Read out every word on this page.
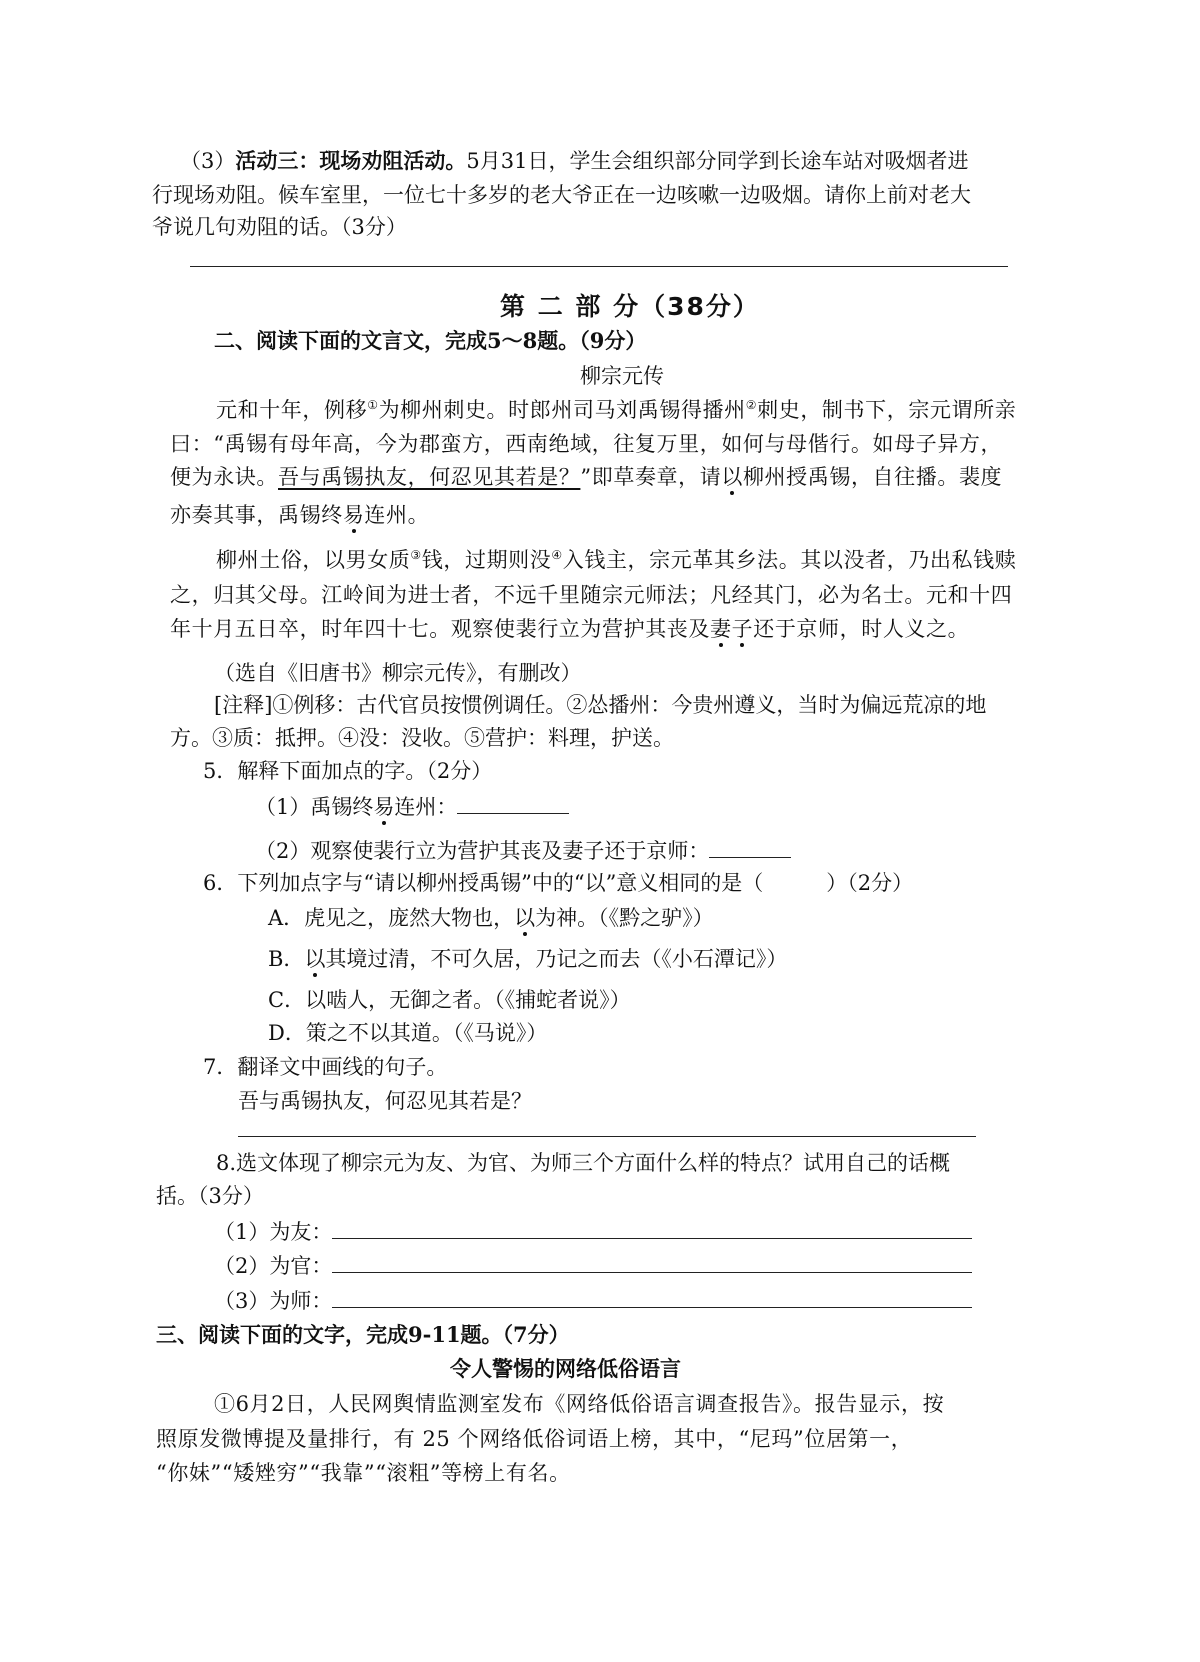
（3）活动三：现场劝阻活动。5月31日，学生会组织部分同学到长途车站对吸烟者进
行现场劝阻。候车室里，一位七十多岁的老大爷正在一边咳嗽一边吸烟。请你上前对老大
爷说几句劝阻的话。（3分）
第 二 部 分（38分）
二、阅读下面的文言文，完成5～8题。（9分）
柳宗元传
元和十年，例移①为柳州刺史。时郎州司马刘禹锡得播州②刺史，制书下，宗元谓所亲
曰：“禹锡有母年高，今为郡蛮方，西南绝域，往复万里，如何与母偕行。如母子异方，
便为永诀。吾与禹锡执友，何忍见其若是？”即草奏章，请以柳州授禹锡，自往播。裴度
亦奏其事，禹锡终易连州。
柳州土俗，以男女质③钱，过期则没④入钱主，宗元革其乡法。其以没者，乃出私钱赎
之，归其父母。江岭间为进士者，不远千里随宗元师法；凡经其门，必为名士。元和十四
年十月五日卒，时年四十七。观察使裴行立为营护其丧及妻子还于京师，时人义之。
（选自《旧唐书》柳宗元传》，有删改）
[注释]①例移：古代官员按惯例调任。②怂播州：今贵州遵义，当时为偏远荒凉的地
方。③质：抵押。④没：没收。⑤营护：料理，护送。
5．解释下面加点的字。（2分）
（1）禹锡终易连州：
（2）观察使裴行立为营护其丧及妻子还于京师：
6．下列加点字与“请以柳州授禹锡”中的“以”意义相同的是（　　　）（2分）
A．虎见之，庞然大物也，以为神。（《黔之驴》）
B．以其境过清，不可久居，乃记之而去（《小石潭记》）
C．以啮人，无御之者。（《捕蛇者说》）
D．策之不以其道。（《马说》）
7．翻译文中画线的句子。
吾与禹锡执友，何忍见其若是？
8.选文体现了柳宗元为友、为官、为师三个方面什么样的特点？试用自己的话概
括。（3分）
（1）为友：
（2）为官：
（3）为师：
三、阅读下面的文字，完成9-11题。（7分）
令人警惕的网络低俗语言
①6月2日，人民网舆情监测室发布《网络低俗语言调查报告》。报告显示，按
照原发微博提及量排行，有 25 个网络低俗词语上榜，其中，“尼玛”位居第一，
“你妹”“矮矬穷”“我靠”“滚粗”等榜上有名。
